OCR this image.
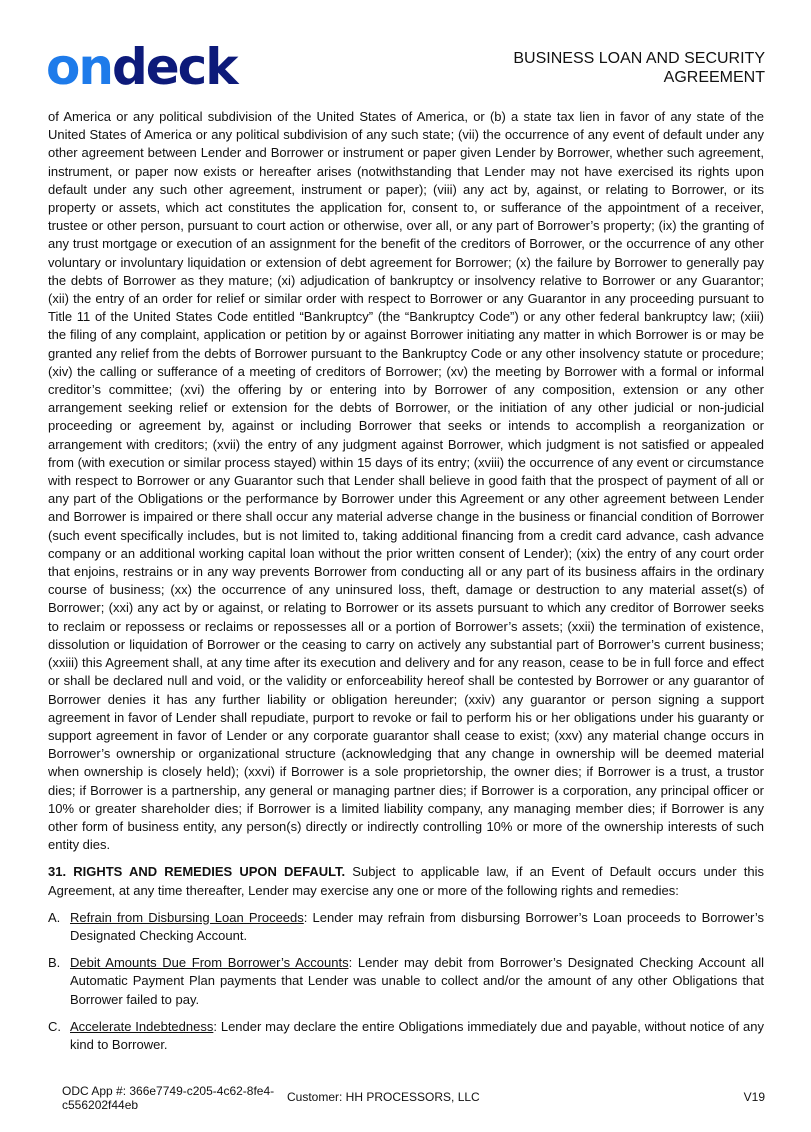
ondeck	BUSINESS LOAN AND SECURITY
AGREEMENT

of America or any political subdivision of the United States of America, or (b) a state tax lien in favor of any state of the United States of America or any political subdivision of any such state; (vii) the occurrence of any event of default under any other agreement between Lender and Borrower or instrument or paper given Lender by Borrower, whether such agreement, instrument, or paper now exists or hereafter arises (notwithstanding that Lender may not have exercised its rights upon default under any such other agreement, instrument or paper); (viii) any act by, against, or relating to Borrower, or its property or assets, which act constitutes the application for, consent to, or sufferance of the appointment of a receiver, trustee or other person, pursuant to court action or otherwise, over all, or any part of Borrower’s property; (ix) the granting of any trust mortgage or execution of an assignment for the benefit of the creditors of Borrower, or the occurrence of any other voluntary or involuntary liquidation or extension of debt agreement for Borrower; (x) the failure by Borrower to generally pay the debts of Borrower as they mature; (xi) adjudication of bankruptcy or insolvency relative to Borrower or any Guarantor; (xii) the entry of an order for relief or similar order with respect to Borrower or any Guarantor in any proceeding pursuant to Title 11 of the United States Code entitled “Bankruptcy” (the “Bankruptcy Code”) or any other federal bankruptcy law; (xiii) the filing of any complaint, application or petition by or against Borrower initiating any matter in which Borrower is or may be granted any relief from the debts of Borrower pursuant to the Bankruptcy Code or any other insolvency statute or procedure; (xiv) the calling or sufferance of a meeting of creditors of Borrower; (xv) the meeting by Borrower with a formal or informal creditor’s committee; (xvi) the offering by or entering into by Borrower of any composition, extension or any other arrangement seeking relief or extension for the debts of Borrower, or the initiation of any other judicial or non-judicial proceeding or agreement by, against or including Borrower that seeks or intends to accomplish a reorganization or arrangement with creditors; (xvii) the entry of any judgment against Borrower, which judgment is not satisfied or appealed from (with execution or similar process stayed) within 15 days of its entry; (xviii) the occurrence of any event or circumstance with respect to Borrower or any Guarantor such that Lender shall believe in good faith that the prospect of payment of all or any part of the Obligations or the performance by Borrower under this Agreement or any other agreement between Lender and Borrower is impaired or there shall occur any material adverse change in the business or financial condition of Borrower (such event specifically includes, but is not limited to, taking additional financing from a credit card advance, cash advance company or an additional working capital loan without the prior written consent of Lender); (xix) the entry of any court order that enjoins, restrains or in any way prevents Borrower from conducting all or any part of its business affairs in the ordinary course of business; (xx) the occurrence of any uninsured loss, theft, damage or destruction to any material asset(s) of Borrower; (xxi) any act by or against, or relating to Borrower or its assets pursuant to which any creditor of Borrower seeks to reclaim or repossess or reclaims or repossesses all or a portion of Borrower’s assets; (xxii) the termination of existence, dissolution or liquidation of Borrower or the ceasing to carry on actively any substantial part of Borrower’s current business; (xxiii) this Agreement shall, at any time after its execution and delivery and for any reason, cease to be in full force and effect or shall be declared null and void, or the validity or enforceability hereof shall be contested by Borrower or any guarantor of Borrower denies it has any further liability or obligation hereunder; (xxiv) any guarantor or person signing a support agreement in favor of Lender shall repudiate, purport to revoke or fail to perform his or her obligations under his guaranty or support agreement in favor of Lender or any corporate guarantor shall cease to exist; (xxv) any material change occurs in Borrower’s ownership or organizational structure (acknowledging that any change in ownership will be deemed material when ownership is closely held); (xxvi) if Borrower is a sole proprietorship, the owner dies; if Borrower is a trust, a trustor dies; if Borrower is a partnership, any general or managing partner dies; if Borrower is a corporation, any principal officer or 10% or greater shareholder dies; if Borrower is a limited liability company, any managing member dies; if Borrower is any other form of business entity, any person(s) directly or indirectly controlling 10% or more of the ownership interests of such entity dies.

31. RIGHTS AND REMEDIES UPON DEFAULT. Subject to applicable law, if an Event of Default occurs under this Agreement, at any time thereafter, Lender may exercise any one or more of the following rights and remedies:

A. Refrain from Disbursing Loan Proceeds: Lender may refrain from disbursing Borrower’s Loan proceeds to Borrower’s Designated Checking Account.
B. Debit Amounts Due From Borrower’s Accounts: Lender may debit from Borrower’s Designated Checking Account all Automatic Payment Plan payments that Lender was unable to collect and/or the amount of any other Obligations that Borrower failed to pay.
C. Accelerate Indebtedness: Lender may declare the entire Obligations immediately due and payable, without notice of any kind to Borrower.
ODC App #: 366e7749-c205-4c62-8fe4-c556202f44eb
Customer: HH PROCESSORS, LLC	V19
